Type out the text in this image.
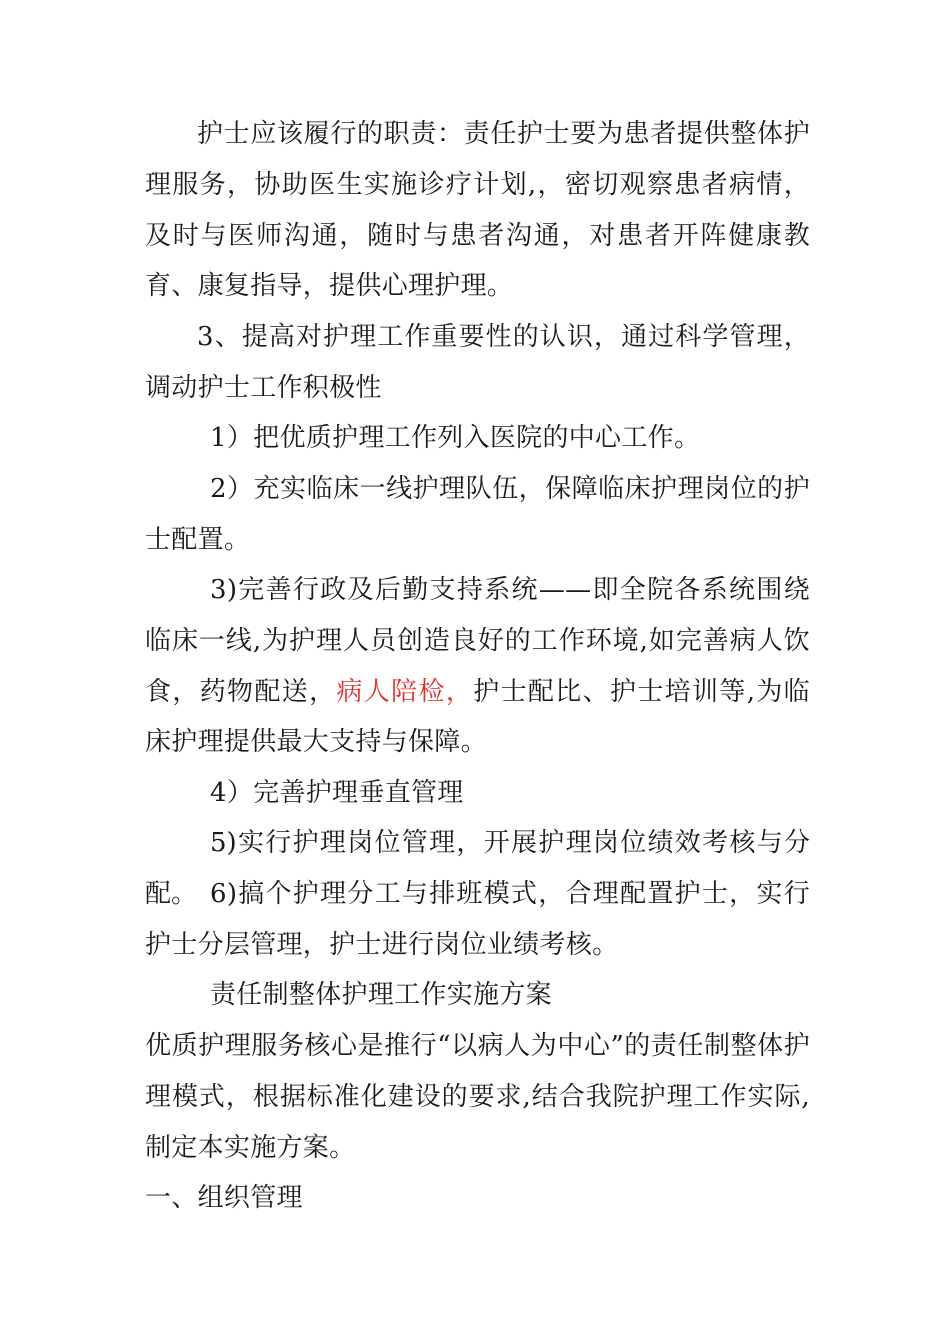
护士应该履行的职责：责任护士要为患者提供整体护理服务，协助医生实施诊疗计划,，密切观察患者病情，及时与医师沟通，随时与患者沟通，对患者开阵健康教育、康复指导，提供心理护理。

3、提高对护理工作重要性的认识，通过科学管理，调动护士工作积极性

1）把优质护理工作列入医院的中心工作。

2）充实临床一线护理队伍，保障临床护理岗位的护士配置。

3)完善行政及后勤支持系统——即全院各系统围绕临床一线,为护理人员创造良好的工作环境,如完善病人饮食，药物配送，病人陪检，护士配比、护士培训等,为临床护理提供最大支持与保障。

4）完善护理垂直管理

5)实行护理岗位管理，开展护理岗位绩效考核与分配。 6)搞个护理分工与排班模式，合理配置护士，实行护士分层管理，护士进行岗位业绩考核。

责任制整体护理工作实施方案

优质护理服务核心是推行“以病人为中心”的责任制整体护理模式，根据标准化建设的要求,结合我院护理工作实际,制定本实施方案。

一、组织管理
